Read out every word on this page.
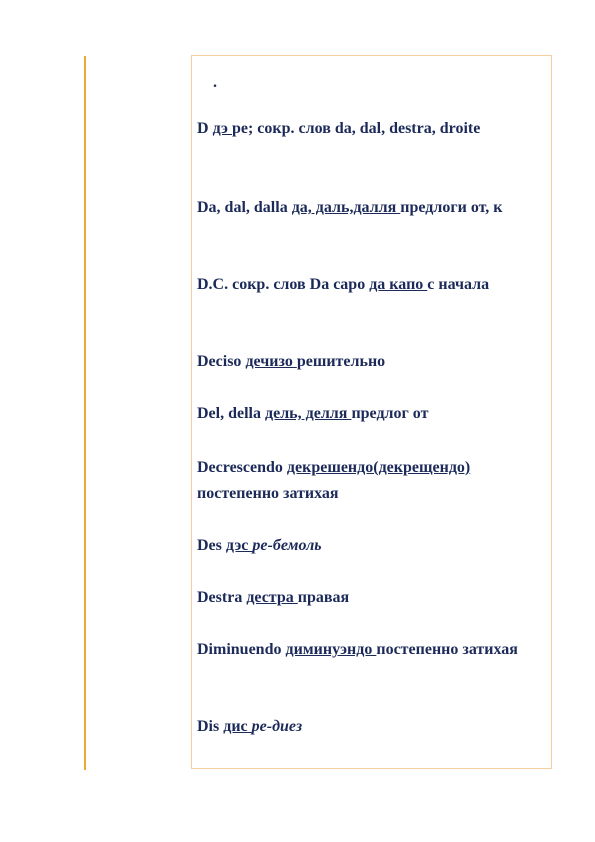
.
D дэ ре; сокр. слов da, dal, destra, droite
Da, dal, dalla да, даль,далля предлоги от, к
D.C. сокр. слов Da capo да капо с начала
Deciso дечизо решительно
Del, della дель, делля предлог от
Decrescendo декрешендо(декрещендо) постепенно затихая
Des дэс ре-бемоль
Destra дестра правая
Diminuendo диминуэндо постепенно затихая
Dis дис ре-диез
